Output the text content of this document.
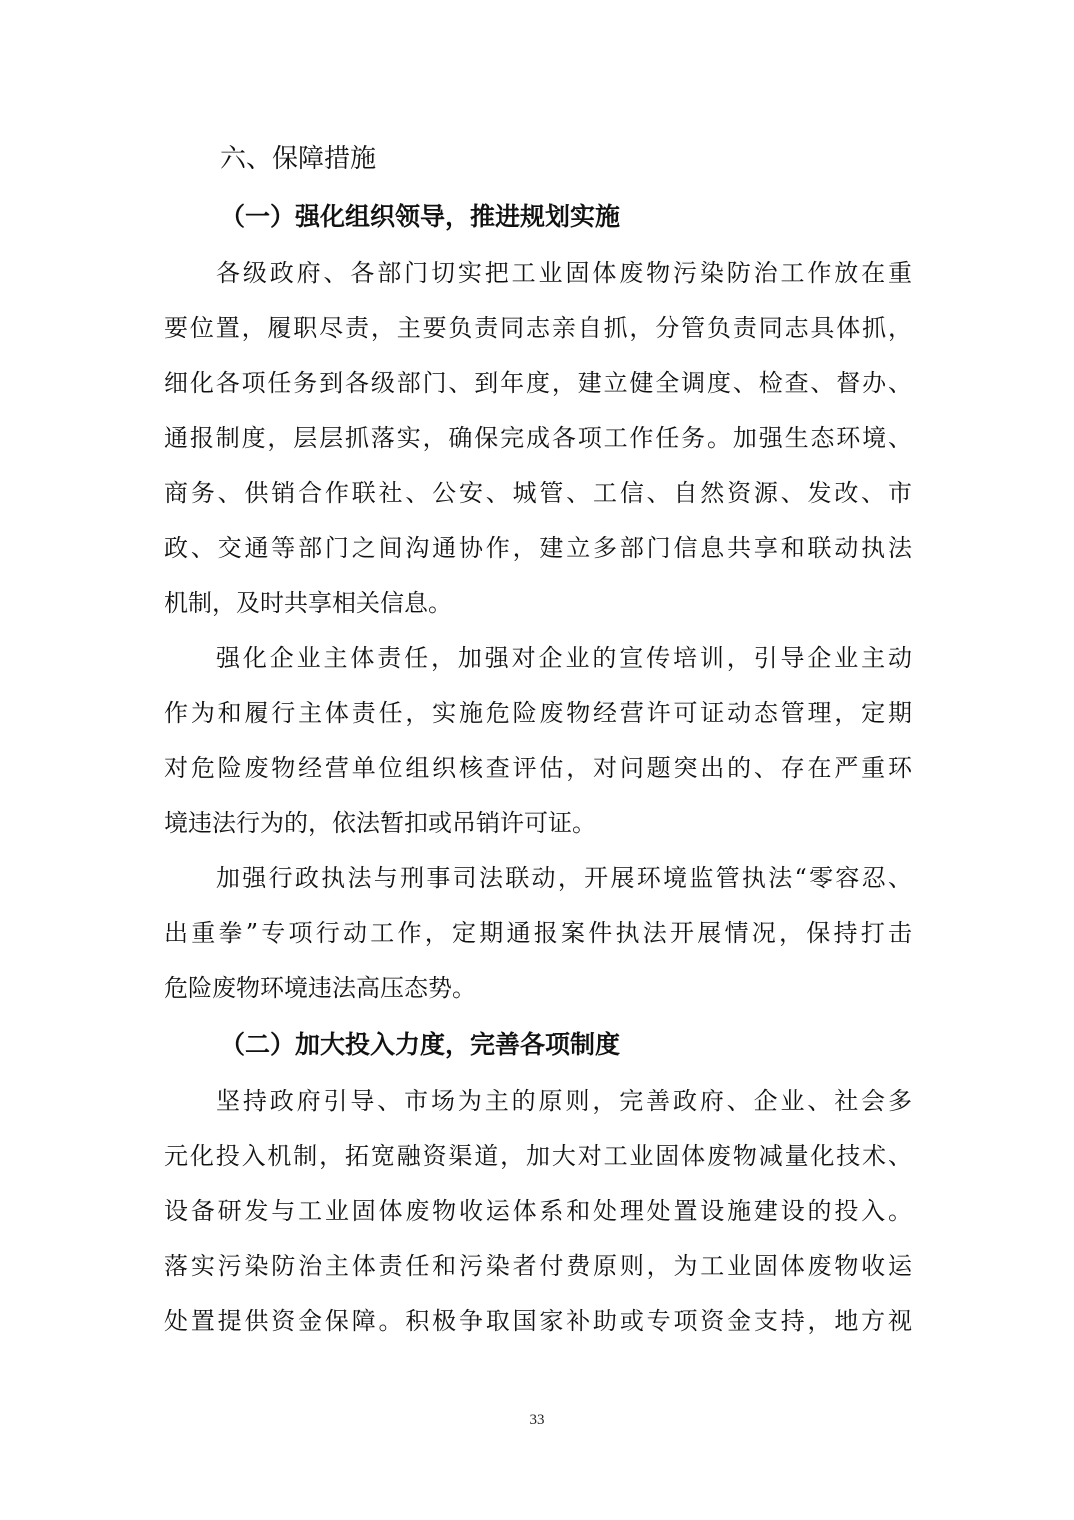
六、保障措施
（一）强化组织领导，推进规划实施
各级政府、各部门切实把工业固体废物污染防治工作放在重
要位置，履职尽责，主要负责同志亲自抓，分管负责同志具体抓，
细化各项任务到各级部门、到年度，建立健全调度、检查、督办、
通报制度，层层抓落实，确保完成各项工作任务。加强生态环境、
商务、供销合作联社、公安、城管、工信、自然资源、发改、市
政、交通等部门之间沟通协作，建立多部门信息共享和联动执法
机制，及时共享相关信息。
强化企业主体责任，加强对企业的宣传培训，引导企业主动
作为和履行主体责任，实施危险废物经营许可证动态管理，定期
对危险废物经营单位组织核查评估，对问题突出的、存在严重环
境违法行为的，依法暂扣或吊销许可证。
加强行政执法与刑事司法联动，开展环境监管执法“零容忍、
出重拳”专项行动工作，定期通报案件执法开展情况，保持打击
危险废物环境违法高压态势。
（二）加大投入力度，完善各项制度
坚持政府引导、市场为主的原则，完善政府、企业、社会多
元化投入机制，拓宽融资渠道，加大对工业固体废物减量化技术、
设备研发与工业固体废物收运体系和处理处置设施建设的投入。
落实污染防治主体责任和污染者付费原则，为工业固体废物收运
处置提供资金保障。积极争取国家补助或专项资金支持，地方视
33
